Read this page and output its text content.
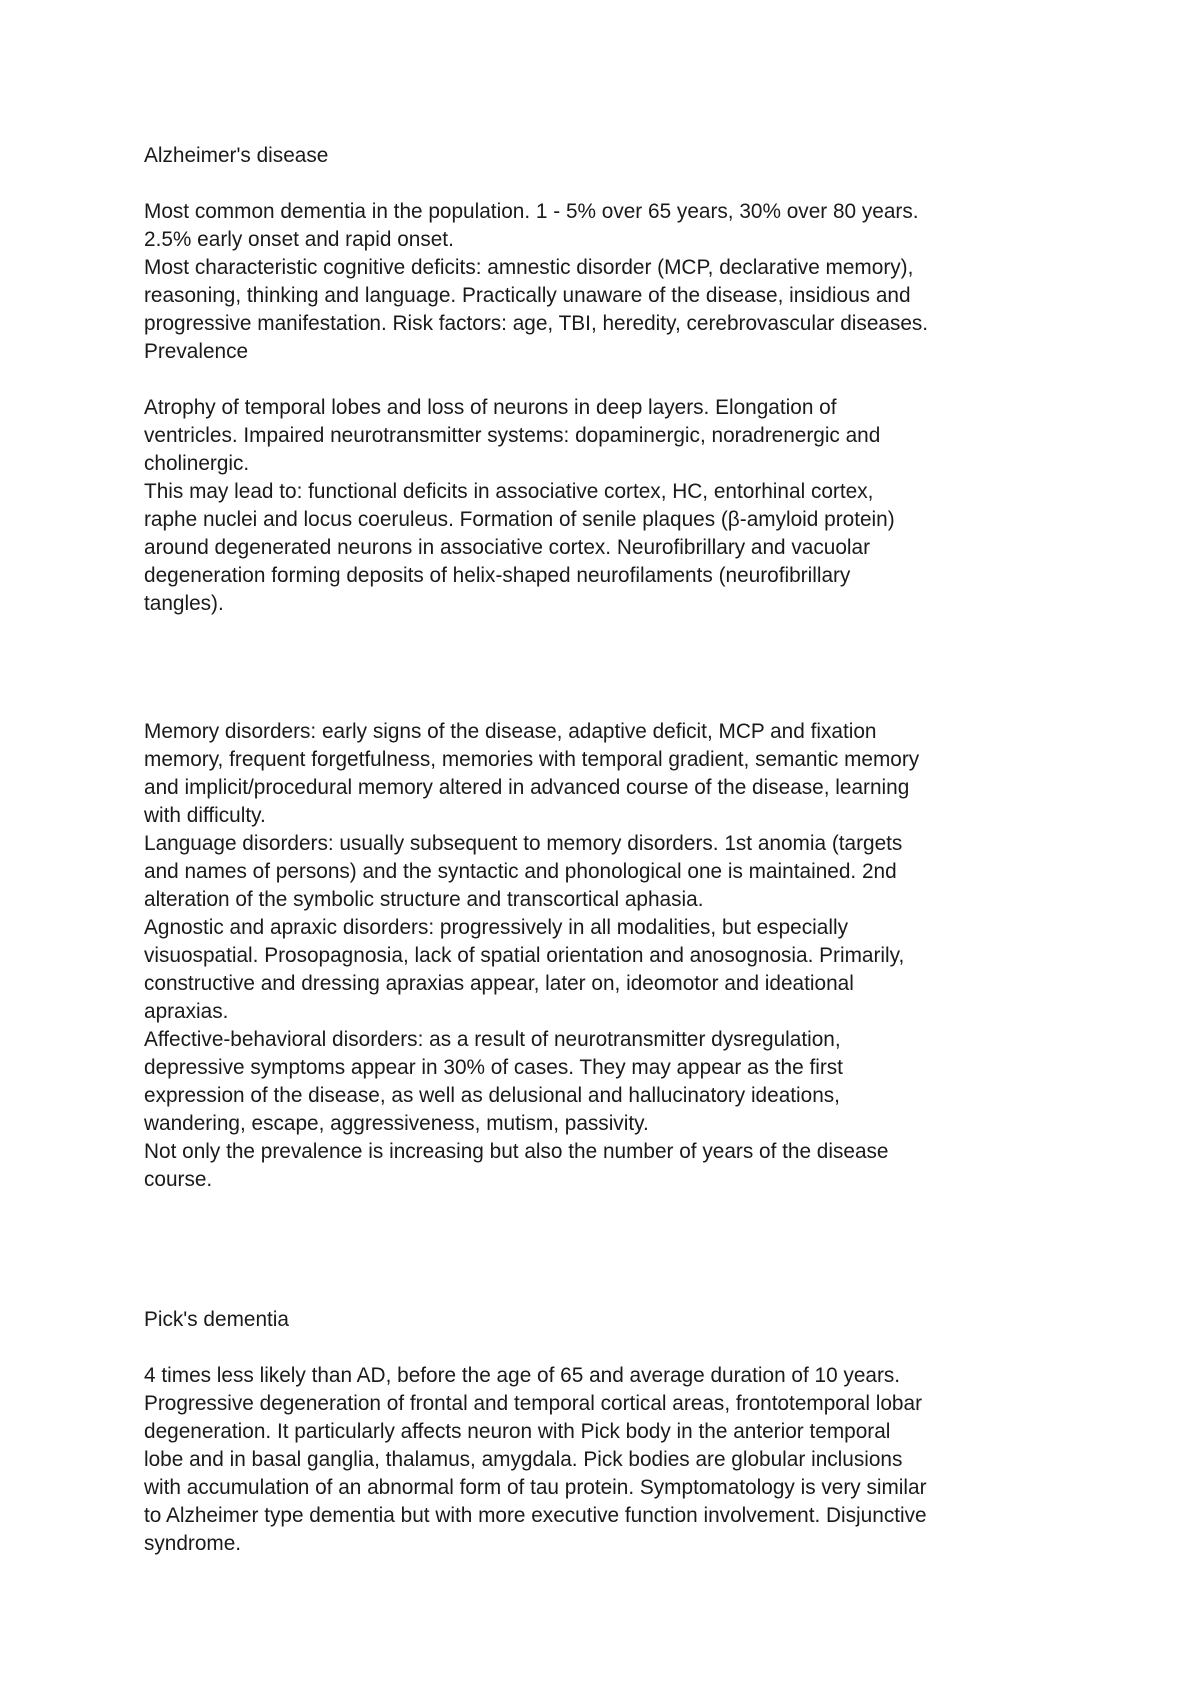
Alzheimer's disease
Most common dementia in the population. 1 - 5% over 65 years, 30% over 80 years.
2.5% early onset and rapid onset.
Most characteristic cognitive deficits: amnestic disorder (MCP, declarative memory),
reasoning, thinking and language. Practically unaware of the disease, insidious and
progressive manifestation. Risk factors: age, TBI, heredity, cerebrovascular diseases.
Prevalence
Atrophy of temporal lobes and loss of neurons in deep layers. Elongation of
ventricles. Impaired neurotransmitter systems: dopaminergic, noradrenergic and
cholinergic.
This may lead to: functional deficits in associative cortex, HC, entorhinal cortex,
raphe nuclei and locus coeruleus. Formation of senile plaques (β-amyloid protein)
around degenerated neurons in associative cortex. Neurofibrillary and vacuolar
degeneration forming deposits of helix-shaped neurofilaments (neurofibrillary
tangles).
Memory disorders: early signs of the disease, adaptive deficit, MCP and fixation
memory, frequent forgetfulness, memories with temporal gradient, semantic memory
and implicit/procedural memory altered in advanced course of the disease, learning
with difficulty.
Language disorders: usually subsequent to memory disorders. 1st anomia (targets
and names of persons) and the syntactic and phonological one is maintained. 2nd
alteration of the symbolic structure and transcortical aphasia.
Agnostic and apraxic disorders: progressively in all modalities, but especially
visuospatial. Prosopagnosia, lack of spatial orientation and anosognosia. Primarily,
constructive and dressing apraxias appear, later on, ideomotor and ideational
apraxias.
Affective-behavioral disorders: as a result of neurotransmitter dysregulation,
depressive symptoms appear in 30% of cases. They may appear as the first
expression of the disease, as well as delusional and hallucinatory ideations,
wandering, escape, aggressiveness, mutism, passivity.
Not only the prevalence is increasing but also the number of years of the disease
course.
Pick's dementia
4 times less likely than AD, before the age of 65 and average duration of 10 years.
Progressive degeneration of frontal and temporal cortical areas, frontotemporal lobar
degeneration. It particularly affects neuron with Pick body in the anterior temporal
lobe and in basal ganglia, thalamus, amygdala. Pick bodies are globular inclusions
with accumulation of an abnormal form of tau protein. Symptomatology is very similar
to Alzheimer type dementia but with more executive function involvement. Disjunctive
syndrome.
